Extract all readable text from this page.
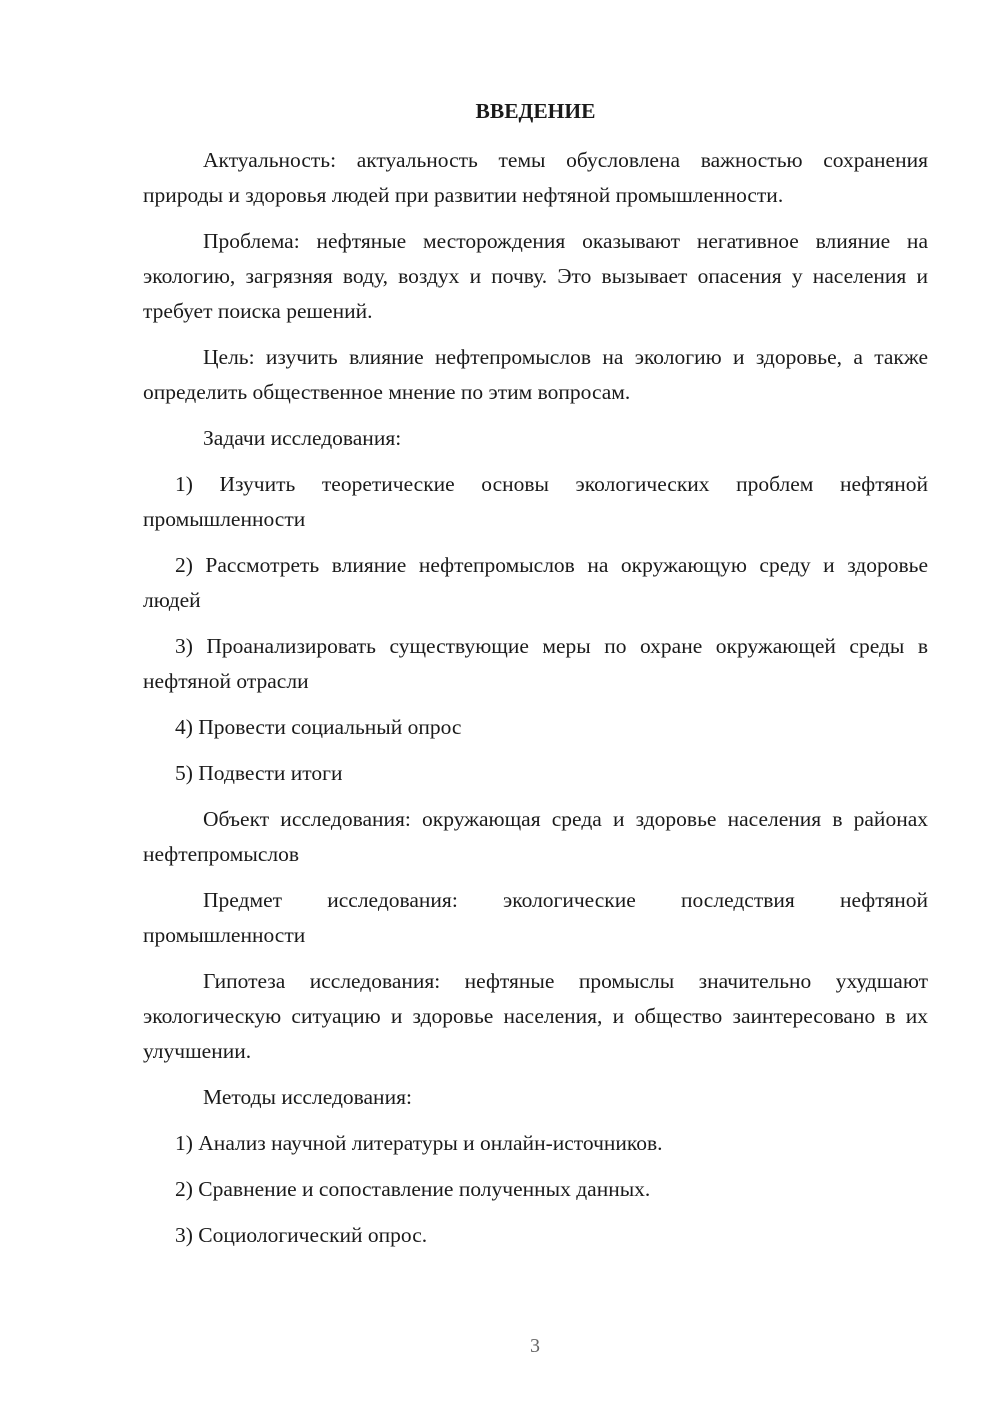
ВВЕДЕНИЕ

Актуальность: актуальность темы обусловлена важностью сохранения природы и здоровья людей при развитии нефтяной промышленности.

Проблема: нефтяные месторождения оказывают негативное влияние на экологию, загрязняя воду, воздух и почву. Это вызывает опасения у населения и требует поиска решений.

Цель: изучить влияние нефтепромыслов на экологию и здоровье, а также определить общественное мнение по этим вопросам.

Задачи исследования:

1) Изучить теоретические основы экологических проблем нефтяной промышленности

2) Рассмотреть влияние нефтепромыслов на окружающую среду и здоровье людей

3) Проанализировать существующие меры по охране окружающей среды в нефтяной отрасли

4) Провести социальный опрос

5) Подвести итоги

Объект исследования: окружающая среда и здоровье населения в районах нефтепромыслов

Предмет исследования: экологические последствия нефтяной промышленности

Гипотеза исследования: нефтяные промыслы значительно ухудшают экологическую ситуацию и здоровье населения, и общество заинтересовано в их улучшении.

Методы исследования:

1) Анализ научной литературы и онлайн-источников.

2) Сравнение и сопоставление полученных данных.

3) Социологический опрос.

3
